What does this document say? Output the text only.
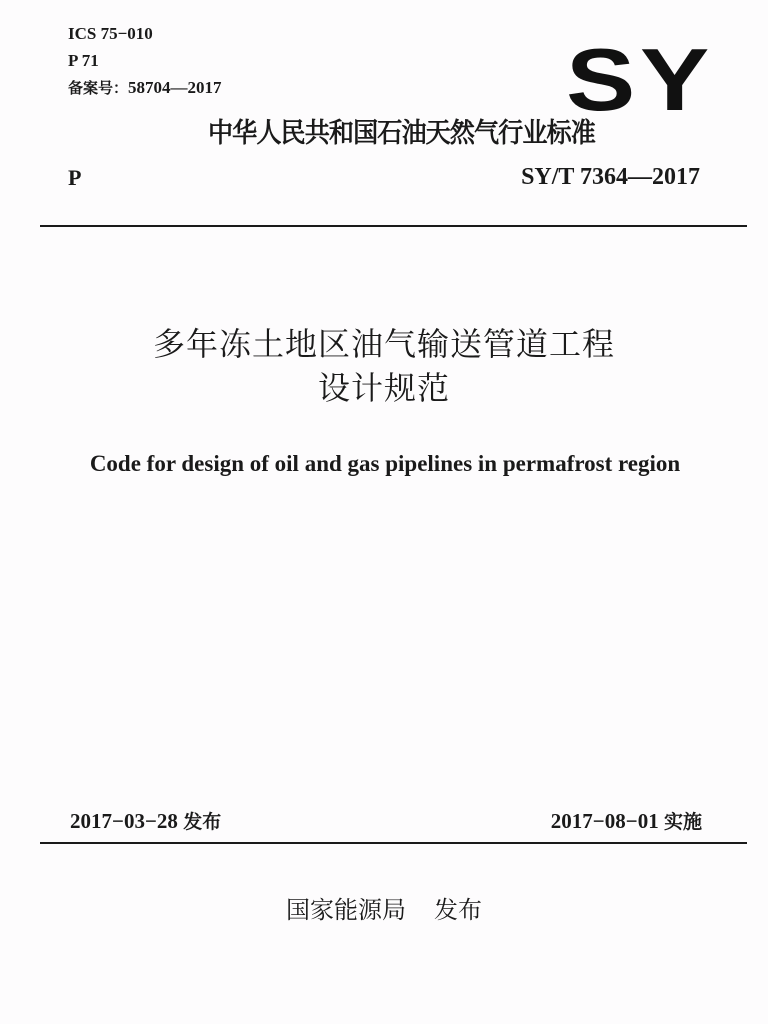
ICS 75−010
P 71
备案号：58704—2017	SY
中华人民共和国石油天然气行业标准
P	SY/T 7364—2017
多年冻土地区油气输送管道工程
设计规范
Code for design of oil and gas pipelines in permafrost region
2017−03−28 发布	2017−08−01 实施
国家能源局 发布
